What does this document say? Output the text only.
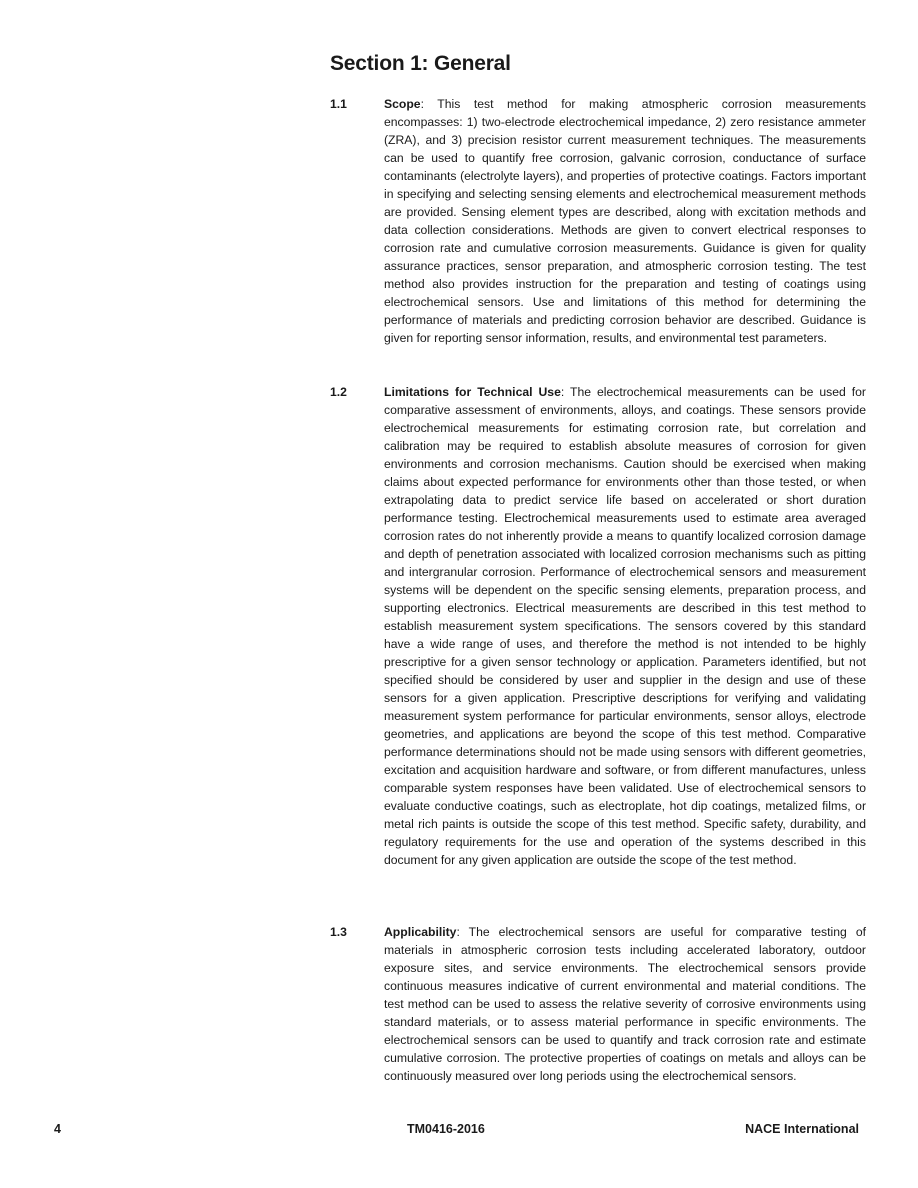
Section 1: General
1.1	Scope: This test method for making atmospheric corrosion measurements encompasses: 1) two-electrode electrochemical impedance, 2) zero resistance ammeter (ZRA), and 3) precision resistor current measurement techniques. The measurements can be used to quantify free corrosion, galvanic corrosion, conductance of surface contaminants (electrolyte layers), and properties of protective coatings. Factors important in specifying and selecting sensing elements and electrochemical measurement methods are provided. Sensing element types are described, along with excitation methods and data collection considerations. Methods are given to convert electrical responses to corrosion rate and cumulative corrosion measurements. Guidance is given for quality assurance practices, sensor preparation, and atmospheric corrosion testing. The test method also provides instruction for the preparation and testing of coatings using electrochemical sensors. Use and limitations of this method for determining the performance of materials and predicting corrosion behavior are described. Guidance is given for reporting sensor information, results, and environmental test parameters.

1.2	Limitations for Technical Use: The electrochemical measurements can be used for comparative assessment of environments, alloys, and coatings. These sensors provide electrochemical measurements for estimating corrosion rate, but correlation and calibration may be required to establish absolute measures of corrosion for given environments and corrosion mechanisms. Caution should be exercised when making claims about expected performance for environments other than those tested, or when extrapolating data to predict service life based on accelerated or short duration performance testing. Electrochemical measurements used to estimate area averaged corrosion rates do not inherently provide a means to quantify localized corrosion damage and depth of penetration associated with localized corrosion mechanisms such as pitting and intergranular corrosion. Performance of electrochemical sensors and measurement systems will be dependent on the specific sensing elements, preparation process, and supporting electronics. Electrical measurements are described in this test method to establish measurement system specifications. The sensors covered by this standard have a wide range of uses, and therefore the method is not intended to be highly prescriptive for a given sensor technology or application. Parameters identified, but not specified should be considered by user and supplier in the design and use of these sensors for a given application. Prescriptive descriptions for verifying and validating measurement system performance for particular environments, sensor alloys, electrode geometries, and applications are beyond the scope of this test method. Comparative performance determinations should not be made using sensors with different geometries, excitation and acquisition hardware and software, or from different manufactures, unless comparable system responses have been validated. Use of electrochemical sensors to evaluate conductive coatings, such as electroplate, hot dip coatings, metalized films, or metal rich paints is outside the scope of this test method. Specific safety, durability, and regulatory requirements for the use and operation of the systems described in this document for any given application are outside the scope of the test method.

1.3	Applicability: The electrochemical sensors are useful for comparative testing of materials in atmospheric corrosion tests including accelerated laboratory, outdoor exposure sites, and service environments. The electrochemical sensors provide continuous measures indicative of current environmental and material conditions. The test method can be used to assess the relative severity of corrosive environments using standard materials, or to assess material performance in specific environments. The electrochemical sensors can be used to quantify and track corrosion rate and estimate cumulative corrosion. The protective properties of coatings on metals and alloys can be continuously measured over long periods using the electrochemical sensors.

4	TM0416-2016	NACE International
